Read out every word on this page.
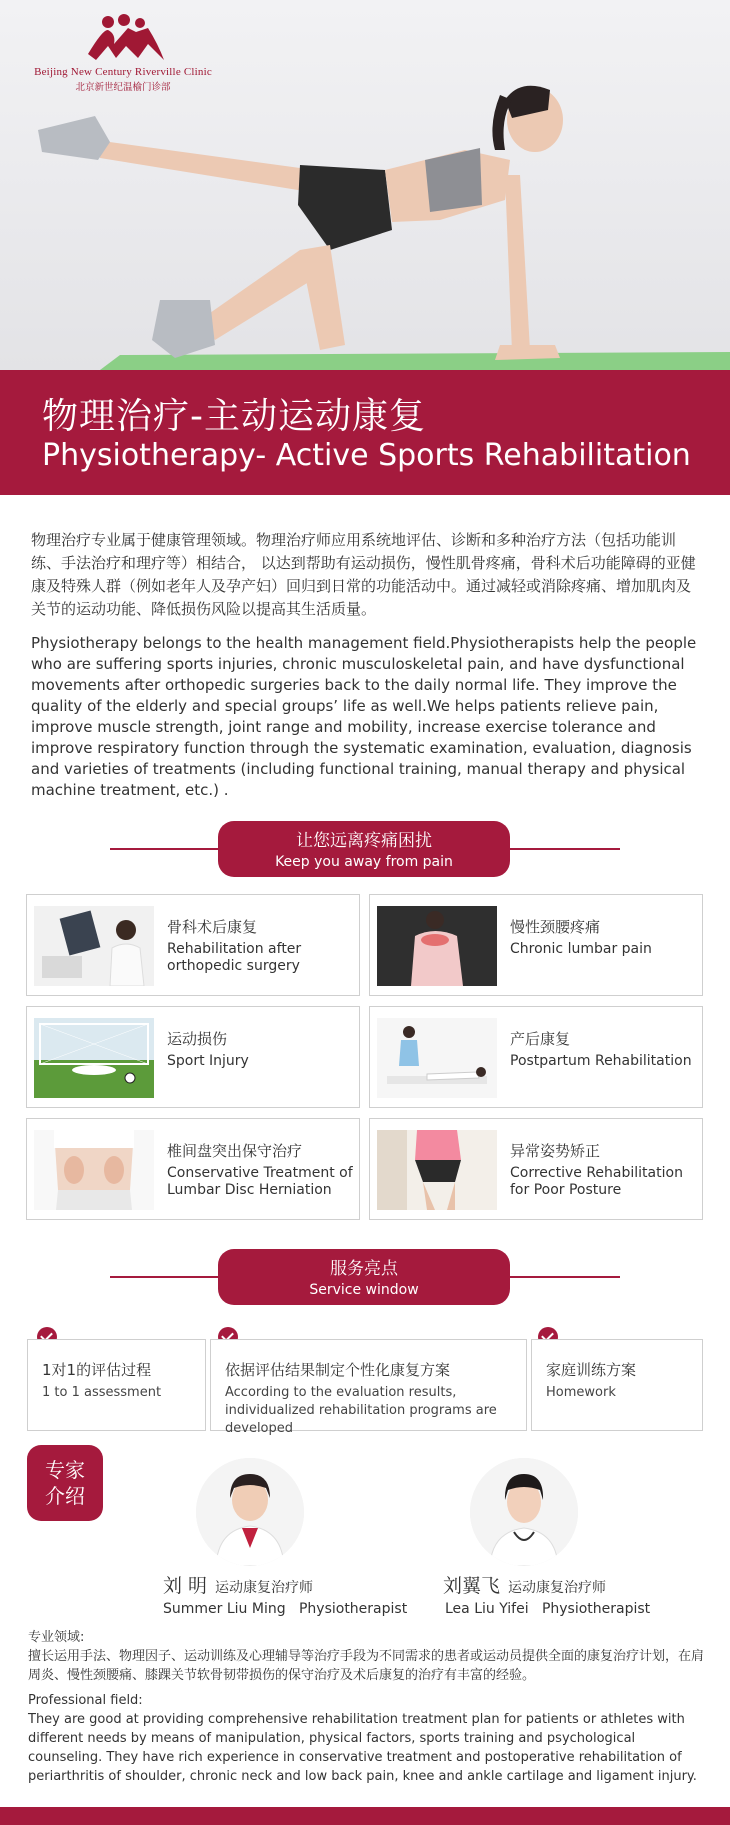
Beijing New Century Riverville Clinic
北京新世纪温榆门诊部
物理治疗-主动运动康复
Physiotherapy- Active Sports Rehabilitation

物理治疗专业属于健康管理领域。物理治疗师应用系统地评估、诊断和多种治疗方法（包括功能训练、手法治疗和理疗等）相结合， 以达到帮助有运动损伤，慢性肌骨疼痛，骨科术后功能障碍的亚健康及特殊人群（例如老年人及孕产妇）回归到日常的功能活动中。通过减轻或消除疼痛、增加肌肉及关节的运动功能、降低损伤风险以提高其生活质量。

Physiotherapy belongs to the health management field.Physiotherapists help the people who are suffering sports injuries, chronic musculoskeletal pain, and have dysfunctional movements after orthopedic surgeries back to the daily normal life. They improve the quality of the elderly and special groups’ life as well.We helps patients relieve pain, improve muscle strength, joint range and mobility, increase exercise tolerance and improve respiratory function through the systematic examination, evaluation, diagnosis and varieties of treatments (including functional training, manual therapy and physical machine treatment, etc.) .

让您远离疼痛困扰
Keep you away from pain
骨科术后康复
Rehabilitation after orthopedic surgery
慢性颈腰疼痛
Chronic lumbar pain
运动损伤
Sport Injury
产后康复
Postpartum Rehabilitation
椎间盘突出保守治疗
Conservative Treatment of Lumbar Disc Herniation
异常姿势矫正
Corrective Rehabilitation for Poor Posture
服务亮点
Service window
1对1的评估过程
1 to 1 assessment
依据评估结果制定个性化康复方案
According to the evaluation results, individualized rehabilitation programs are developed
家庭训练方案
Homework
专家介绍
刘 明 运动康复治疗师
Summer Liu Ming Physiotherapist
刘翼飞 运动康复治疗师
Lea Liu Yifei Physiotherapist
专业领域:
擅长运用手法、物理因子、运动训练及心理辅导等治疗手段为不同需求的患者或运动员提供全面的康复治疗计划，在肩周炎、慢性颈腰痛、膝踝关节软骨韧带损伤的保守治疗及术后康复的治疗有丰富的经验。
Professional field:
They are good at providing comprehensive rehabilitation treatment plan for patients or athletes with different needs by means of manipulation, physical factors, sports training and psychological counseling. They have rich experience in conservative treatment and postoperative rehabilitation of periarthritis of shoulder, chronic neck and low back pain, knee and ankle cartilage and ligament injury.
